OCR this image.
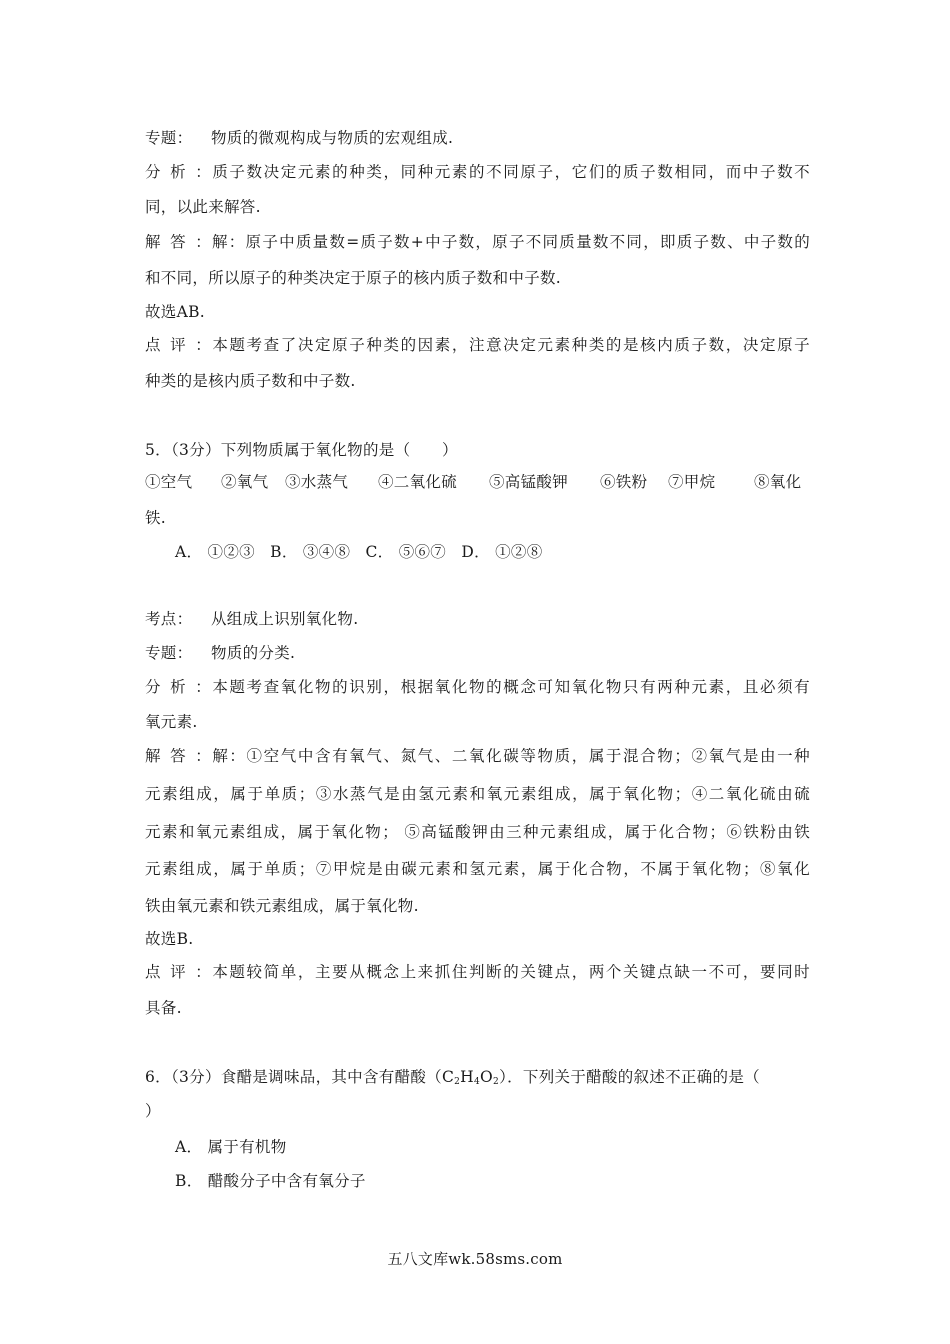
专题： 物质的微观构成与物质的宏观组成.
分析：质子数决定元素的种类，同种元素的不同原子，它们的质子数相同，而中子数不
同，以此来解答.
解答：解：原子中质量数=质子数+中子数，原子不同质量数不同，即质子数、中子数的
和不同，所以原子的种类决定于原子的核内质子数和中子数.
故选AB.
点评：本题考查了决定原子种类的因素，注意决定元素种类的是核内质子数，决定原子
种类的是核内质子数和中子数.
5．（3分）下列物质属于氧化物的是（　　）
①空气 ②氧气 ③水蒸气 ④二氧化硫 ⑤高锰酸钾 ⑥铁粉 ⑦甲烷 ⑧氧化
铁.
A． ①②③ B． ③④⑧ C． ⑤⑥⑦ D． ①②⑧
考点： 从组成上识别氧化物.
专题： 物质的分类.
分析：本题考查氧化物的识别，根据氧化物的概念可知氧化物只有两种元素，且必须有
氧元素.
解答：解：①空气中含有氧气、氮气、二氧化碳等物质，属于混合物；②氧气是由一种
元素组成，属于单质；③水蒸气是由氢元素和氧元素组成，属于氧化物；④二氧化硫由硫
元素和氧元素组成，属于氧化物； ⑤高锰酸钾由三种元素组成，属于化合物；⑥铁粉由铁
元素组成，属于单质；⑦甲烷是由碳元素和氢元素，属于化合物，不属于氧化物；⑧氧化
铁由氧元素和铁元素组成，属于氧化物.
故选B.
点评：本题较简单，主要从概念上来抓住判断的关键点，两个关键点缺一不可，要同时
具备.
6．（3分）食醋是调味品，其中含有醋酸$(C_2H_4O_2)$．下列关于醋酸的叙述不正确的是（
）
A． 属于有机物
B． 醋酸分子中含有氧分子
五八文库wk.58sms.com
